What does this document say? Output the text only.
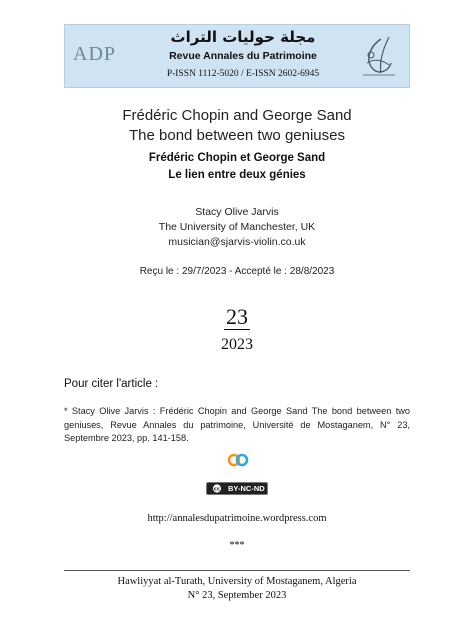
ADP
مجلة حوليات التراث
Revue Annales du Patrimoine
P-ISSN 1112-5020 / E-ISSN 2602-6945
Frédéric Chopin and George Sand
The bond between two geniuses
Frédéric Chopin et George Sand
Le lien entre deux génies
Stacy Olive Jarvis
The University of Manchester, UK
musician@sjarvis-violin.co.uk
Reçu le : 29/7/2023 - Accepté le : 28/8/2023
23
2023
Pour citer l'article :
* Stacy Olive Jarvis : Frédéric Chopin and George Sand The bond between two geniuses, Revue Annales du patrimoine, Université de Mostaganem, N° 23, Septembre 2023, pp. 141-158.
cc BY-NC-ND
http://annalesdupatrimoine.wordpress.com
***
Hawliyyat al-Turath, University of Mostaganem, Algeria
N° 23, September 2023
